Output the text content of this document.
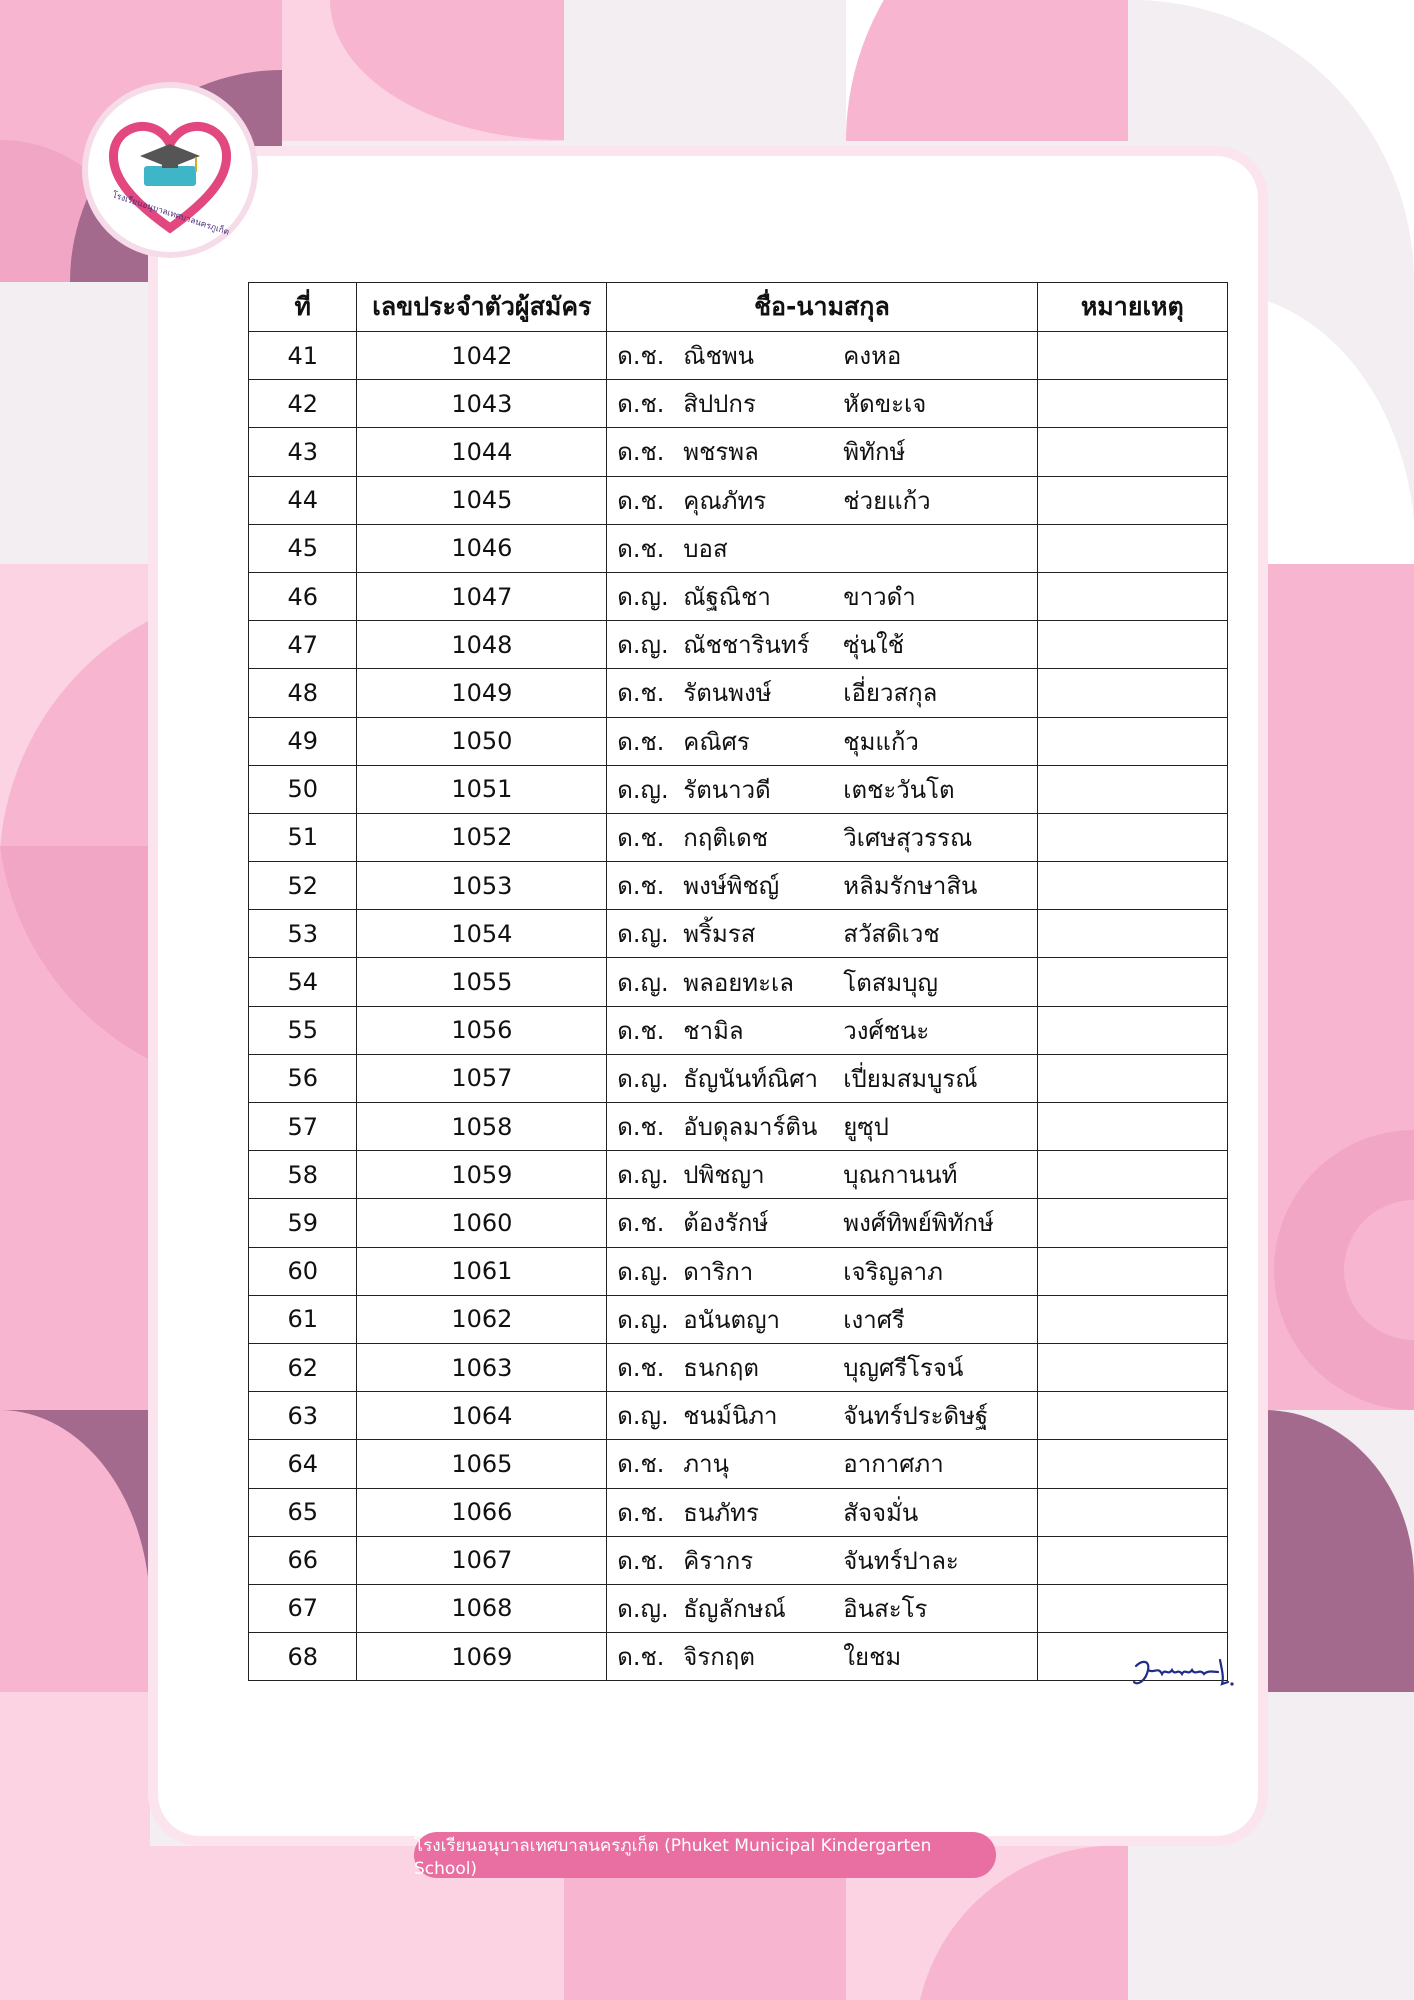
โรงเรียนอนุบาลเทศบาลนครภูเก็ต
ที่	เลขประจำตัวผู้สมัคร	ชื่อ-นามสกุล	หมายเหตุ
41	1042	ด.ช. ณิชพน คงหอ	

42	1043	ด.ช. สิปปกร หัดขะเจ	

43	1044	ด.ช. พชรพล พิทักษ์	

44	1045	ด.ช. คุณภัทร ช่วยแก้ว	

45	1046	ด.ช. บอส	

46	1047	ด.ญ. ณัฐณิชา ขาวดำ	

47	1048	ด.ญ. ณัชชารินทร์ ซุ่นใช้	

48	1049	ด.ช. รัตนพงษ์ เอี่ยวสกุล	

49	1050	ด.ช. คณิศร ชุมแก้ว	

50	1051	ด.ญ. รัตนาวดี เตชะวันโต	

51	1052	ด.ช. กฤติเดช วิเศษสุวรรณ	

52	1053	ด.ช. พงษ์พิชญ์ หลิมรักษาสิน	

53	1054	ด.ญ. พริ้มรส สวัสดิเวช	

54	1055	ด.ญ. พลอยทะเล โตสมบุญ	

55	1056	ด.ช. ชามิล วงศ์ชนะ	

56	1057	ด.ญ. ธัญนันท์ณิศา เปี่ยมสมบูรณ์	

57	1058	ด.ช. อับดุลมาร์ติน ยูซุป	

58	1059	ด.ญ. ปพิชญา บุณกานนท์	

59	1060	ด.ช. ต้องรักษ์ พงศ์ทิพย์พิทักษ์	

60	1061	ด.ญ. ดาริกา เจริญลาภ	

61	1062	ด.ญ. อนันตญา เงาศรี	

62	1063	ด.ช. ธนกฤต บุญศรีโรจน์	

63	1064	ด.ญ. ชนม์นิภา จันทร์ประดิษฐ์	

64	1065	ด.ช. ภานุ อากาศภา	

65	1066	ด.ช. ธนภัทร สัจจมั่น	

66	1067	ด.ช. คิรากร จันทร์ปาละ	

67	1068	ด.ญ. ธัญลักษณ์ อินสะโร	

68	1069	ด.ช. จิรกฤต ใยชม	

โรงเรียนอนุบาลเทศบาลนครภูเก็ต (Phuket Municipal Kindergarten School)
